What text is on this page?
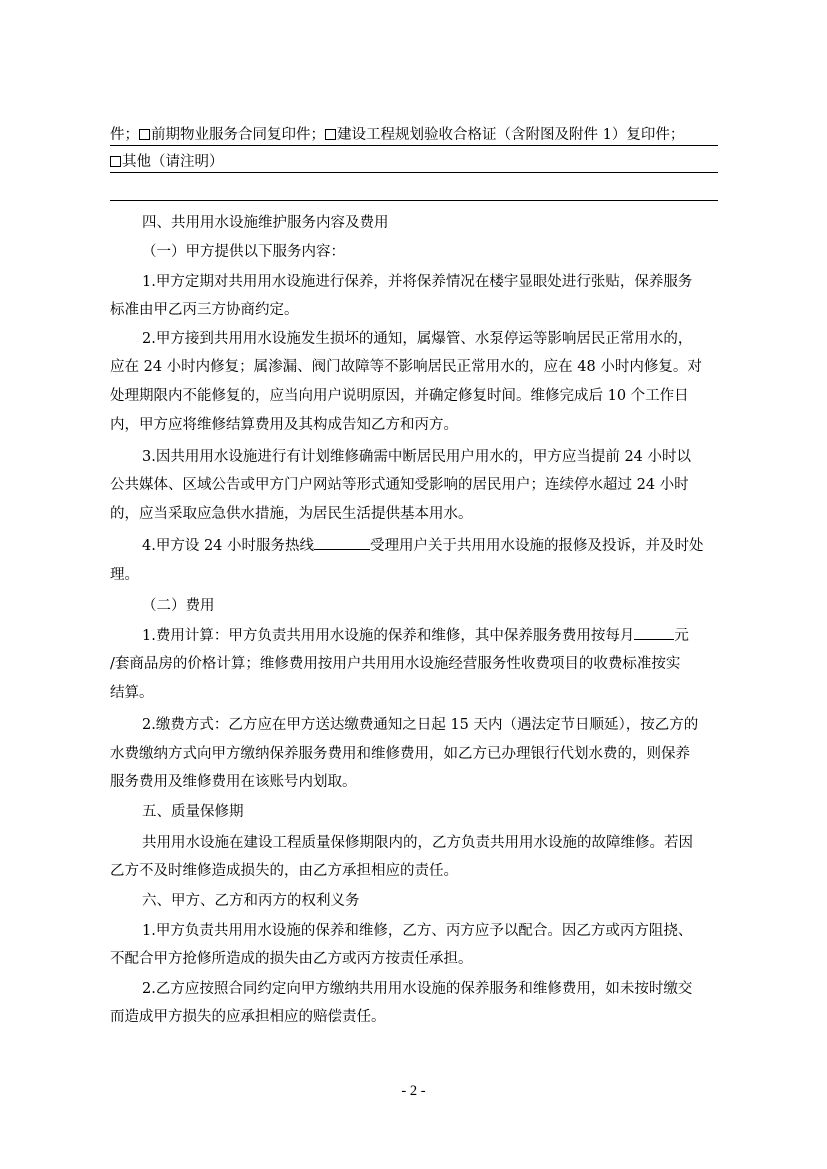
件； 前期物业服务合同复印件； 建设工程规划验收合格证（含附图及附件 1）复印件；
其他（请注明）
四、共用用水设施维护服务内容及费用
（一）甲方提供以下服务内容：
1.甲方定期对共用用水设施进行保养，并将保养情况在楼宇显眼处进行张贴，保养服务
标准由甲乙丙三方协商约定。
2.甲方接到共用用水设施发生损坏的通知，属爆管、水泵停运等影响居民正常用水的，
应在 24 小时内修复；属渗漏、阀门故障等不影响居民正常用水的，应在 48 小时内修复。对
处理期限内不能修复的，应当向用户说明原因，并确定修复时间。维修完成后 10 个工作日
内，甲方应将维修结算费用及其构成告知乙方和丙方。
3.因共用用水设施进行有计划维修确需中断居民用户用水的，甲方应当提前 24 小时以
公共媒体、区域公告或甲方门户网站等形式通知受影响的居民用户；连续停水超过 24 小时
的，应当采取应急供水措施，为居民生活提供基本用水。
4.甲方设 24 小时服务热线	受理用户关于共用用水设施的报修及投诉，并及时处
理。
（二）费用
1.费用计算：甲方负责共用用水设施的保养和维修，其中保养服务费用按每月	元
/套商品房的价格计算；维修费用按用户共用用水设施经营服务性收费项目的收费标准按实
结算。
2.缴费方式：乙方应在甲方送达缴费通知之日起 15 天内（遇法定节日顺延），按乙方的
水费缴纳方式向甲方缴纳保养服务费用和维修费用，如乙方已办理银行代划水费的，则保养
服务费用及维修费用在该账号内划取。
五、质量保修期
共用用水设施在建设工程质量保修期限内的，乙方负责共用用水设施的故障维修。若因
乙方不及时维修造成损失的，由乙方承担相应的责任。
六、甲方、乙方和丙方的权利义务
1.甲方负责共用用水设施的保养和维修，乙方、丙方应予以配合。因乙方或丙方阻挠、
不配合甲方抢修所造成的损失由乙方或丙方按责任承担。
2.乙方应按照合同约定向甲方缴纳共用用水设施的保养服务和维修费用，如未按时缴交
而造成甲方损失的应承担相应的赔偿责任。
- 2 -
